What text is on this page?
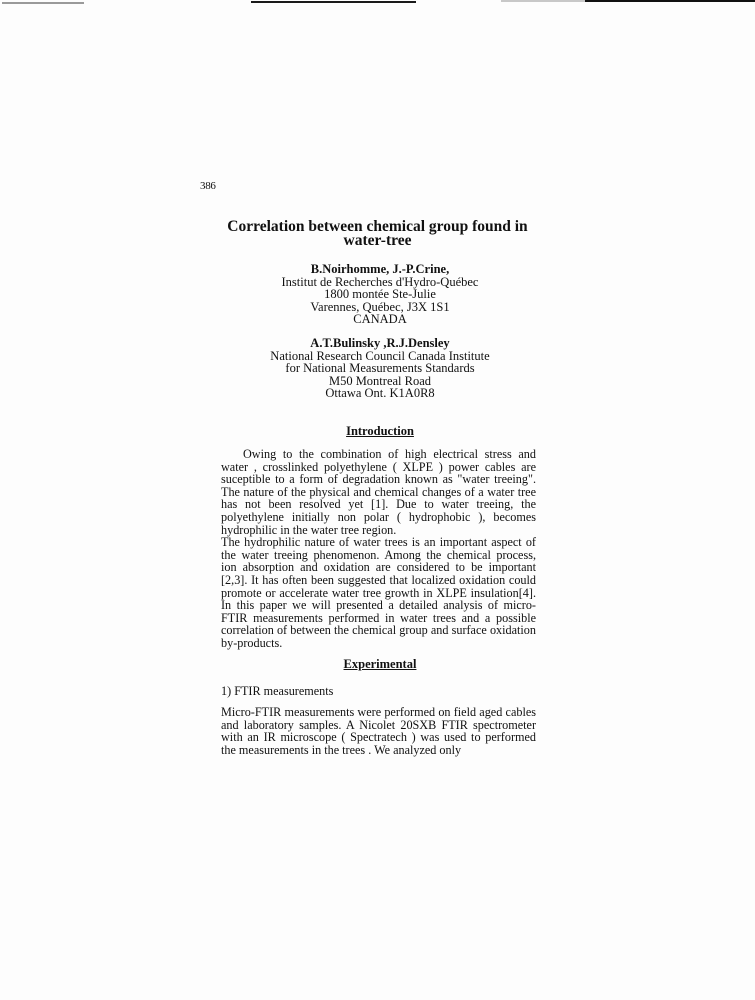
386
Correlation between chemical group found in
water-tree
B.Noirhomme, J.-P.Crine,
Institut de Recherches d'Hydro-Québec
1800 montée Ste-Julie
Varennes, Québec, J3X 1S1
CANADA
A.T.Bulinsky ,R.J.Densley
National Research Council Canada Institute
for National Measurements Standards
M50 Montreal Road
Ottawa Ont. K1A0R8
Introduction

Owing to the combination of high electrical stress and water , crosslinked polyethylene ( XLPE ) power cables are suceptible to a form of degradation known as "water treeing". The nature of the physical and chemical changes of a water tree has not been resolved yet [1]. Due to water treeing, the polyethylene initially non polar ( hydrophobic ), becomes hydrophilic in the water tree region.

The hydrophilic nature of water trees is an important aspect of the water treeing phenomenon. Among the chemical process, ion absorption and oxidation are considered to be important [2,3]. It has often been suggested that localized oxidation could promote or accelerate water tree growth in XLPE insulation[4]. In this paper we will presented a detailed analysis of micro-FTIR measurements performed in water trees and a possible correlation of between the chemical group and surface oxidation by-products.

Experimental
1) FTIR measurements

Micro-FTIR measurements were performed on field aged cables and laboratory samples. A Nicolet 20SXB FTIR spectrometer with an IR microscope ( Spectratech ) was used to performed the measurements in the trees . We analyzed only
